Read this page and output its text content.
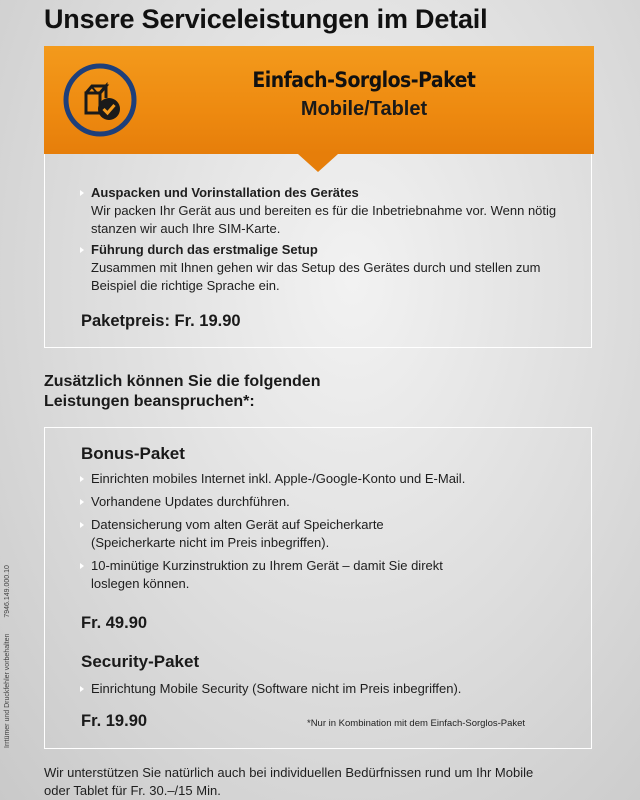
Unsere Serviceleistungen im Detail
Einfach-Sorglos-Paket
Mobile/Tablet
Auspacken und Vorinstallation des Gerätes
Wir packen Ihr Gerät aus und bereiten es für die Inbetriebnahme vor. Wenn nötig stanzen wir auch Ihre SIM-Karte.
Führung durch das erstmalige Setup
Zusammen mit Ihnen gehen wir das Setup des Gerätes durch und stellen zum Beispiel die richtige Sprache ein.
Paketpreis: Fr. 19.90
Zusätzlich können Sie die folgenden
Leistungen beanspruchen*:
Bonus-Paket
Einrichten mobiles Internet inkl. Apple-/Google-Konto und E-Mail.
Vorhandene Updates durchführen.
Datensicherung vom alten Gerät auf Speicherkarte (Speicherkarte nicht im Preis inbegriffen).
10-minütige Kurzinstruktion zu Ihrem Gerät – damit Sie direkt loslegen können.
Fr. 49.90
Security-Paket
Einrichtung Mobile Security (Software nicht im Preis inbegriffen).
Fr. 19.90	*Nur in Kombination mit dem Einfach-Sorglos-Paket

Wir unterstützen Sie natürlich auch bei individuellen Bedürfnissen rund um Ihr Mobile
oder Tablet für Fr. 30.–/15 Min.

Irrtümer und Druckfehler vorbehalten 7946.149.000.10
